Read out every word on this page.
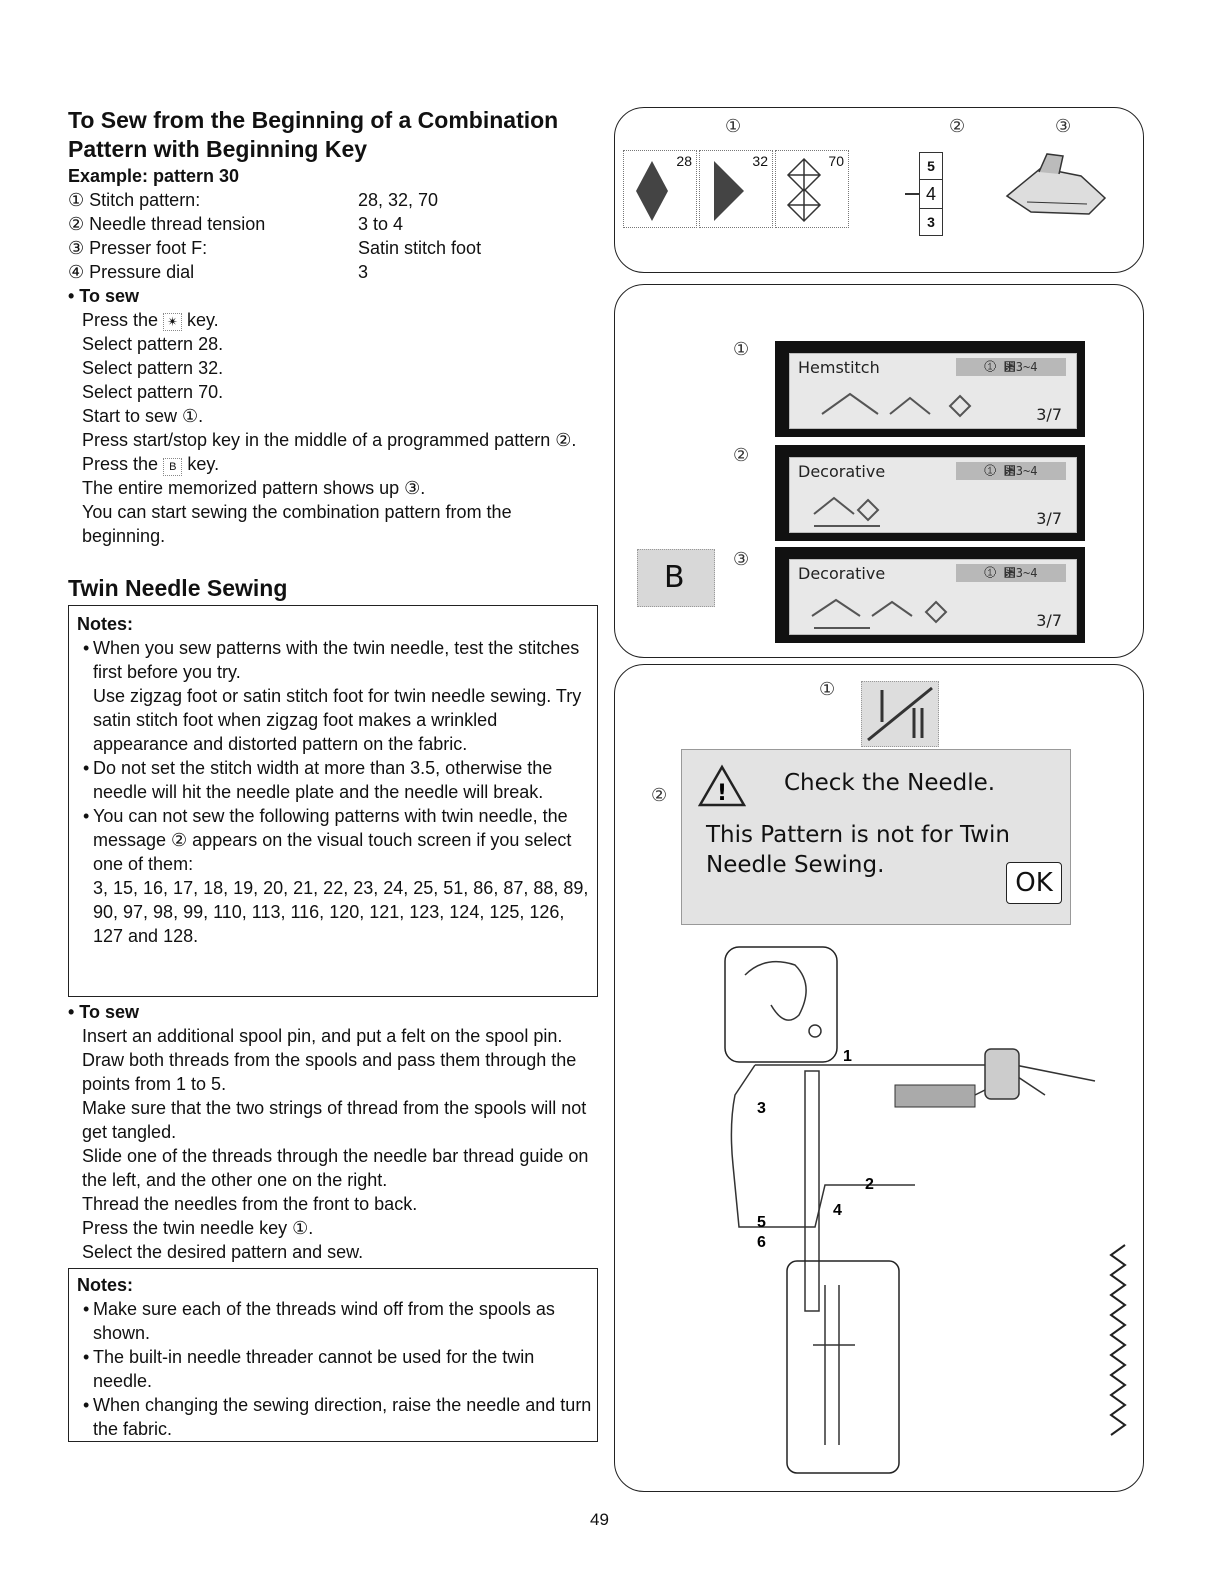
To Sew from the Beginning of a Combination Pattern with Beginning Key
Example: pattern 30
① Stitch pattern:	28, 32, 70
② Needle thread tension	3 to 4
③ Presser foot F:	Satin stitch foot
④ Pressure dial	3
• To sew
Press the ✴ key.
Select pattern 28.
Select pattern 32.
Select pattern 70.
Start to sew ①.
Press start/stop key in the middle of a programmed pattern ②.
Press the B key.
The entire memorized pattern shows up ③.
You can start sewing the combination pattern from the beginning.
Twin Needle Sewing
Notes:
• When you sew patterns with the twin needle, test the stitches first before you try.
Use zigzag foot or satin stitch foot for twin needle sewing. Try satin stitch foot when zigzag foot makes a wrinkled appearance and distorted pattern on the fabric.
• Do not set the stitch width at more than 3.5, otherwise the needle will hit the needle plate and the needle will break.
• You can not sew the following patterns with twin needle, the message ② appears on the visual touch screen if you select one of them:
3, 15, 16, 17, 18, 19, 20, 21, 22, 23, 24, 25, 51, 86, 87, 88, 89, 90, 97, 98, 99, 110, 113, 116, 120, 121, 123, 124, 125, 126, 127 and 128.
• To sew
Insert an additional spool pin, and put a felt on the spool pin. Draw both threads from the spools and pass them through the points from 1 to 5.
Make sure that the two strings of thread from the spools will not get tangled.
Slide one of the threads through the needle bar thread guide on the left, and the other one on the right.
Thread the needles from the front to back.
Press the twin needle key ①.
Select the desired pattern and sew.
Notes:
• Make sure each of the threads wind off from the spools as shown.
• The built-in needle threader cannot be used for the twin needle.
• When changing the sewing direction, raise the needle and turn the fabric.
①	②	③
28	32	70	5
4
3
B
①
②
③
Hemstitch	① ␲3~4
3/7
Decorative	① ␲3~4
3/7
Decorative	① ␲3~4
3/7
①
② ! Check the Needle.
This Pattern is not for Twin Needle Sewing.
OK
1
2
3
4
5
6
49
